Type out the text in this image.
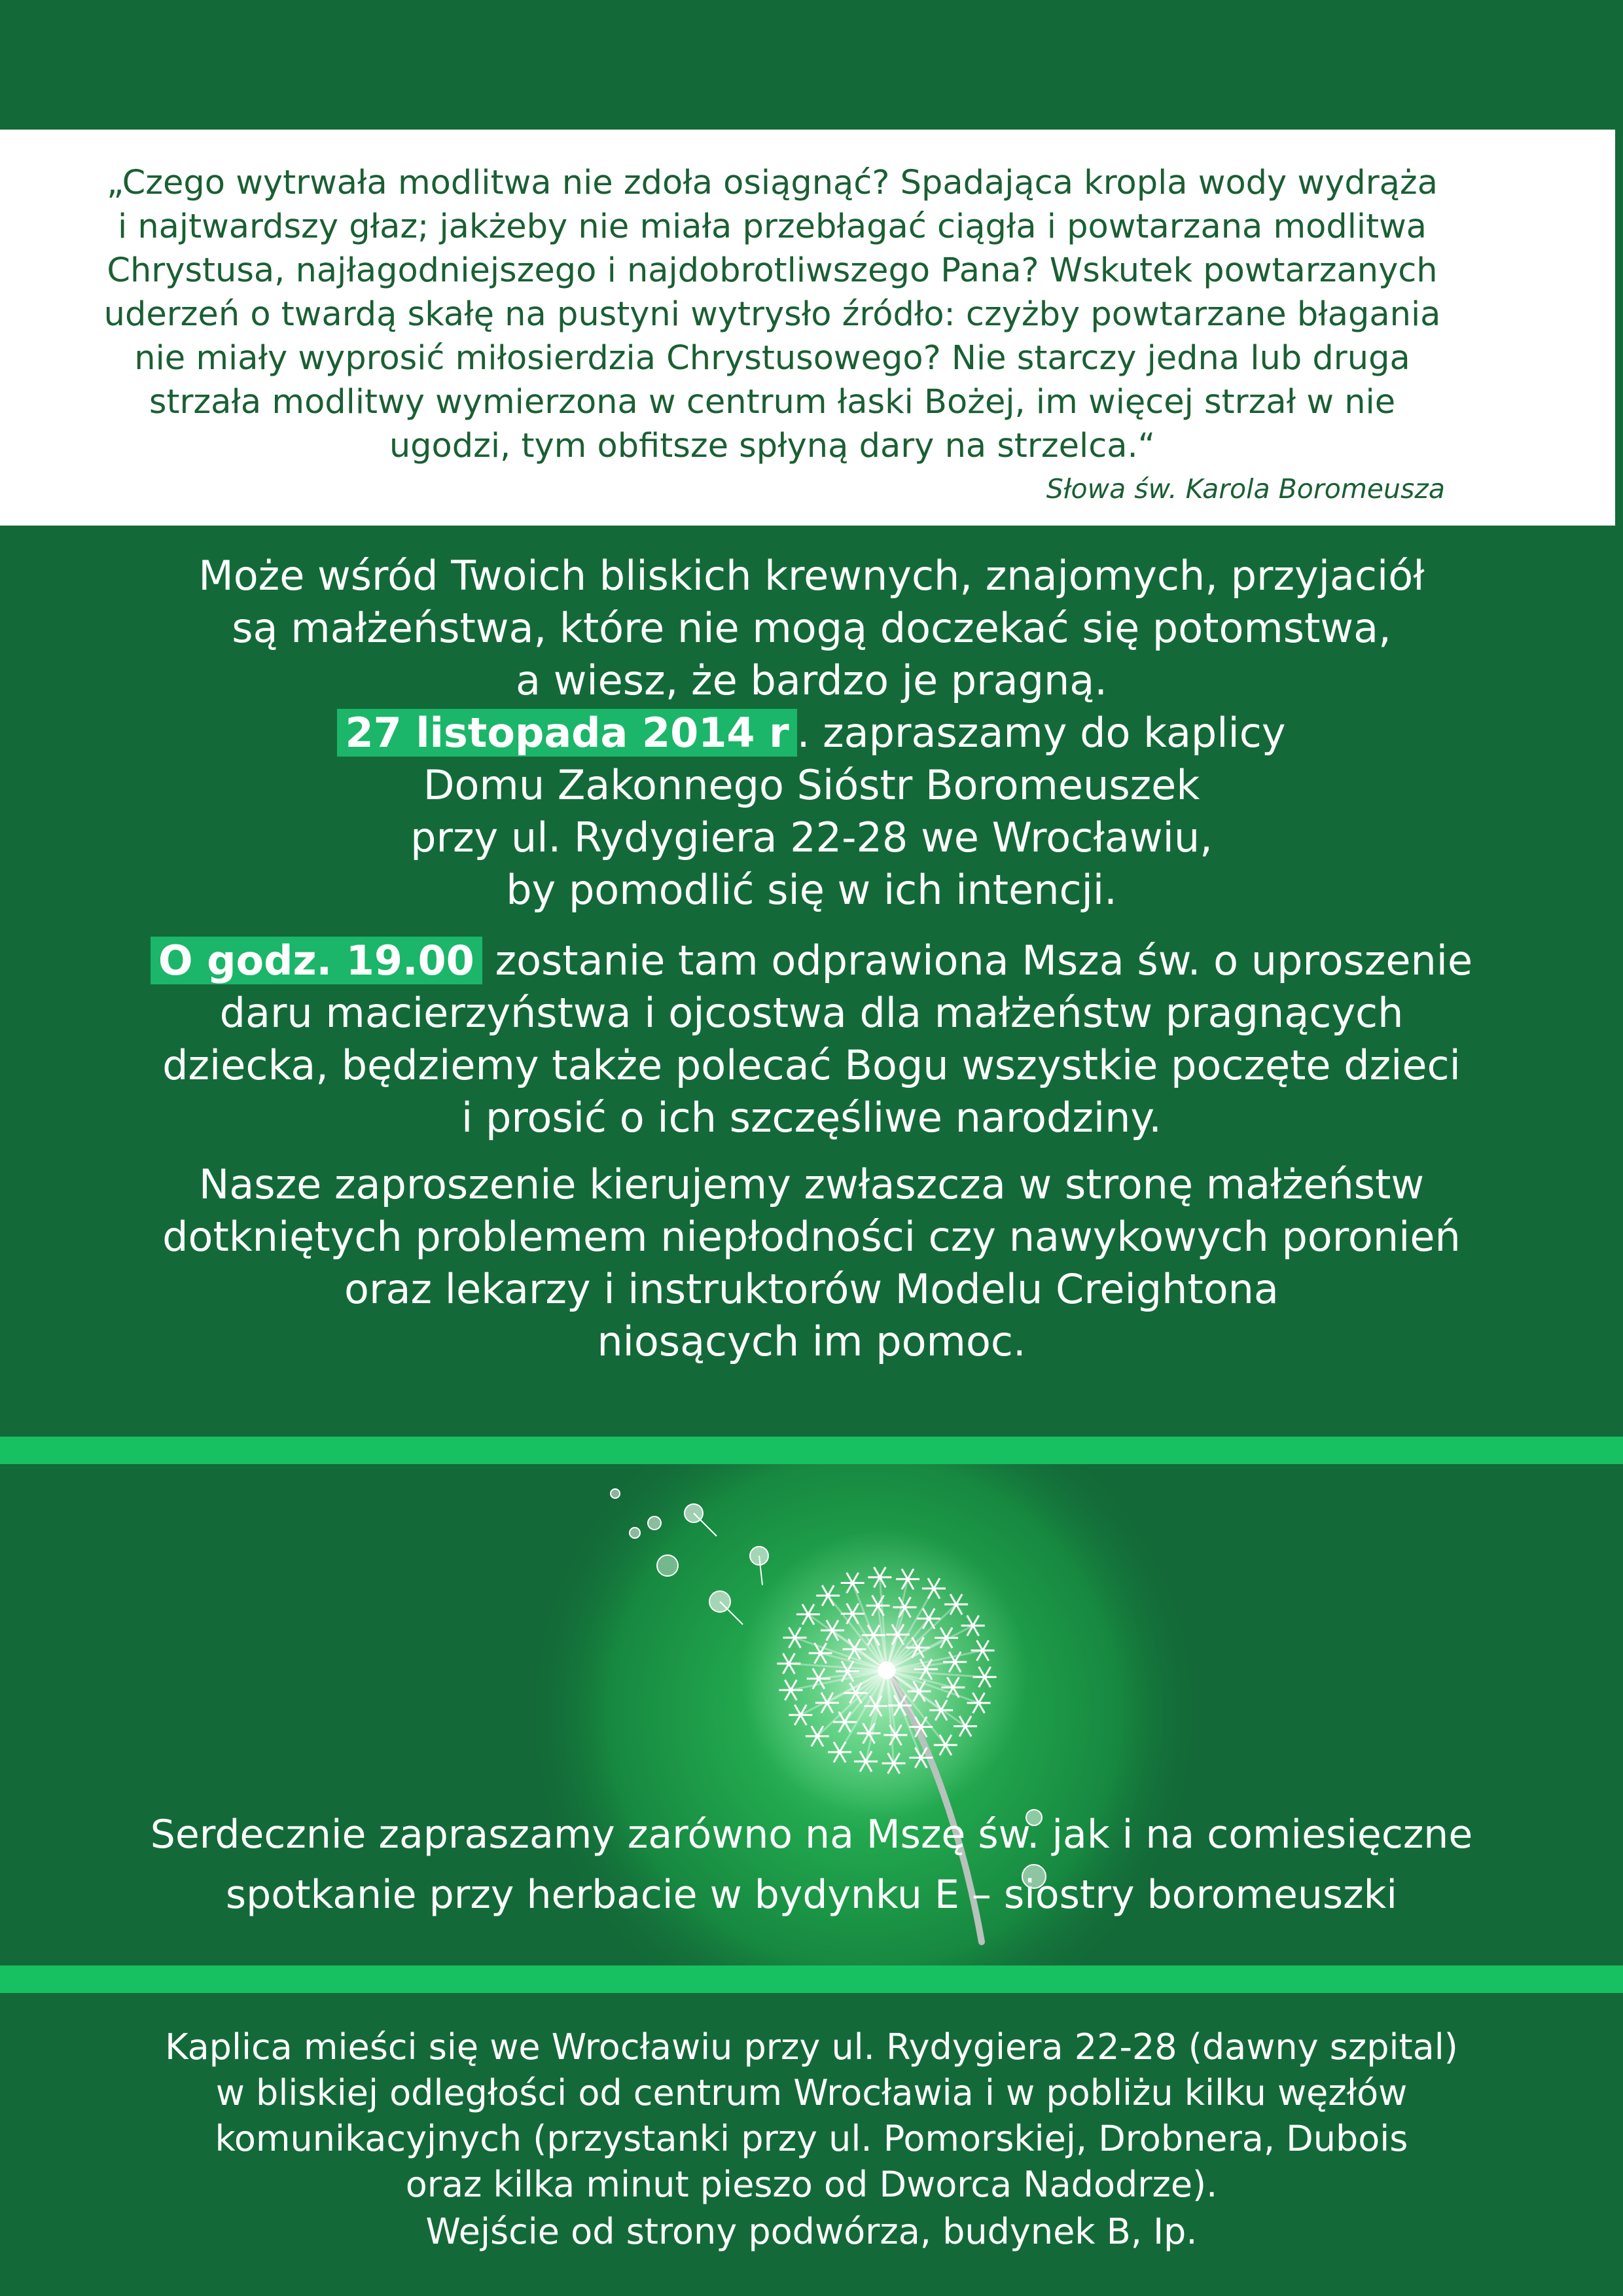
„Czego wytrwała modlitwa nie zdoła osiągnąć? Spadająca kropla wody wydrąża
i najtwardszy głaz; jakżeby nie miała przebłagać ciągła i powtarzana modlitwa
Chrystusa, najłagodniejszego i najdobrotliwszego Pana? Wskutek powtarzanych
uderzeń o twardą skałę na pustyni wytrysło źródło: czyżby powtarzane błagania
nie miały wyprosić miłosierdzia Chrystusowego? Nie starczy jedna lub druga
strzała modlitwy wymierzona w centrum łaski Bożej, im więcej strzał w nie
ugodzi, tym obfitsze spłyną dary na strzelca.“
Słowa św. Karola Boromeusza

Może wśród Twoich bliskich krewnych, znajomych, przyjaciół
są małżeństwa, które nie mogą doczekać się potomstwa,
a wiesz, że bardzo je pragną.
27 listopada 2014 r . zapraszamy do kaplicy
Domu Zakonnego Sióstr Boromeuszek
przy ul. Rydygiera 22-28 we Wrocławiu,
by pomodlić się w ich intencji.

O godz. 19.00 zostanie tam odprawiona Msza św. o uproszenie
daru macierzyństwa i ojcostwa dla małżeństw pragnących
dziecka, będziemy także polecać Bogu wszystkie poczęte dzieci
i prosić o ich szczęśliwe narodziny.

Nasze zaproszenie kierujemy zwłaszcza w stronę małżeństw
dotkniętych problemem niepłodności czy nawykowych poronień
oraz lekarzy i instruktorów Modelu Creightona
niosących im pomoc.

Serdecznie zapraszamy zarówno na Mszę św. jak i na comiesięczne

spotkanie przy herbacie w bydynku E – siostry boromeuszki

Kaplica mieści się we Wrocławiu przy ul. Rydygiera 22-28 (dawny szpital)

w bliskiej odległości od centrum Wrocławia i w pobliżu kilku węzłów

komunikacyjnych (przystanki przy ul. Pomorskiej, Drobnera, Dubois

oraz kilka minut pieszo od Dworca Nadodrze).

Wejście od strony podwórza, budynek B, Ip.
